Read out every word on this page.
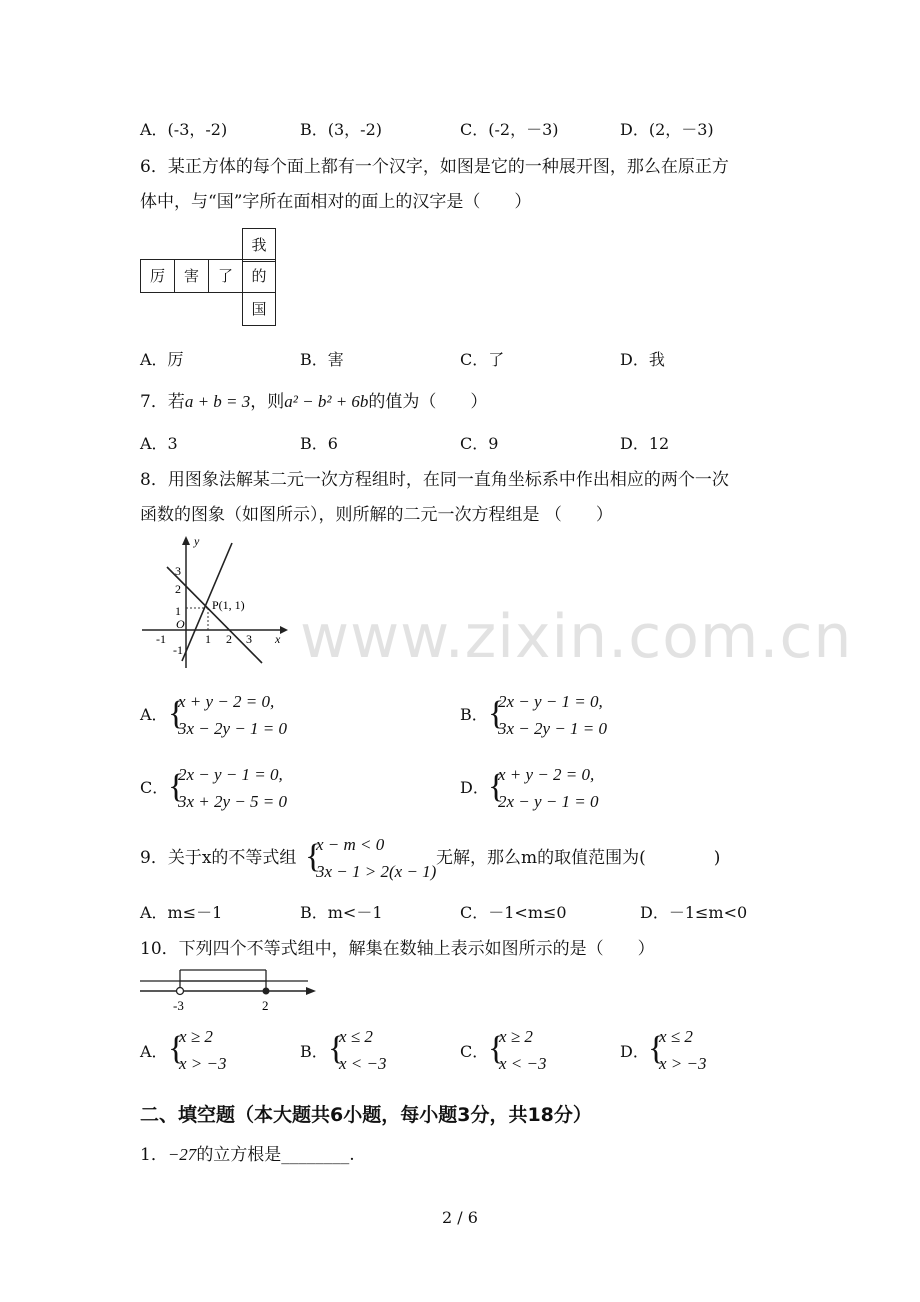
A．(-3，-2)	B．(3，-2)	C．(-2，－3)	D．(2，－3)
6．某正方体的每个面上都有一个汉字，如图是它的一种展开图，那么在原正方
体中，与“国”字所在面相对的面上的汉字是（　　）
我
厉	害	了	的
国
A．厉	B．害	C．了	D．我
7．若a + b = 3，则a² − b² + 6b的值为（　　）
A．3	B．6	C．9	D．12
8．用图象法解某二元一次方程组时，在同一直角坐标系中作出相应的两个一次
函数的图象（如图所示），则所解的二元一次方程组是 （　　）
y
x
O
3
2
1
-1
-1	1 2 3
P(1, 1) www.zixin.com.cn
A． {
x + y − 2 = 0,
3x − 2y − 1 = 0
B． {
2x − y − 1 = 0,
3x − 2y − 1 = 0
C． {
2x − y − 1 = 0,
3x + 2y − 5 = 0
D． {
x + y − 2 = 0,
2x − y − 1 = 0
9．关于x的不等式组 {
x − m < 0
3x − 1 > 2(x − 1)
无解，那么m的取值范围为(　　　　)
A．m≤－1	B．m<－1	C．－1<m≤0	D．－1≤m<0
10．下列四个不等式组中，解集在数轴上表示如图所示的是（　　）
-3	2
A． {
x ≥ 2
x > −3
B． {
x ≤ 2
x < −3
C． {
x ≥ 2
x < −3
D． {
x ≤ 2
x > −3
二、填空题（本大题共6小题，每小题3分，共18分）
1．−27的立方根是________.
2 / 6
